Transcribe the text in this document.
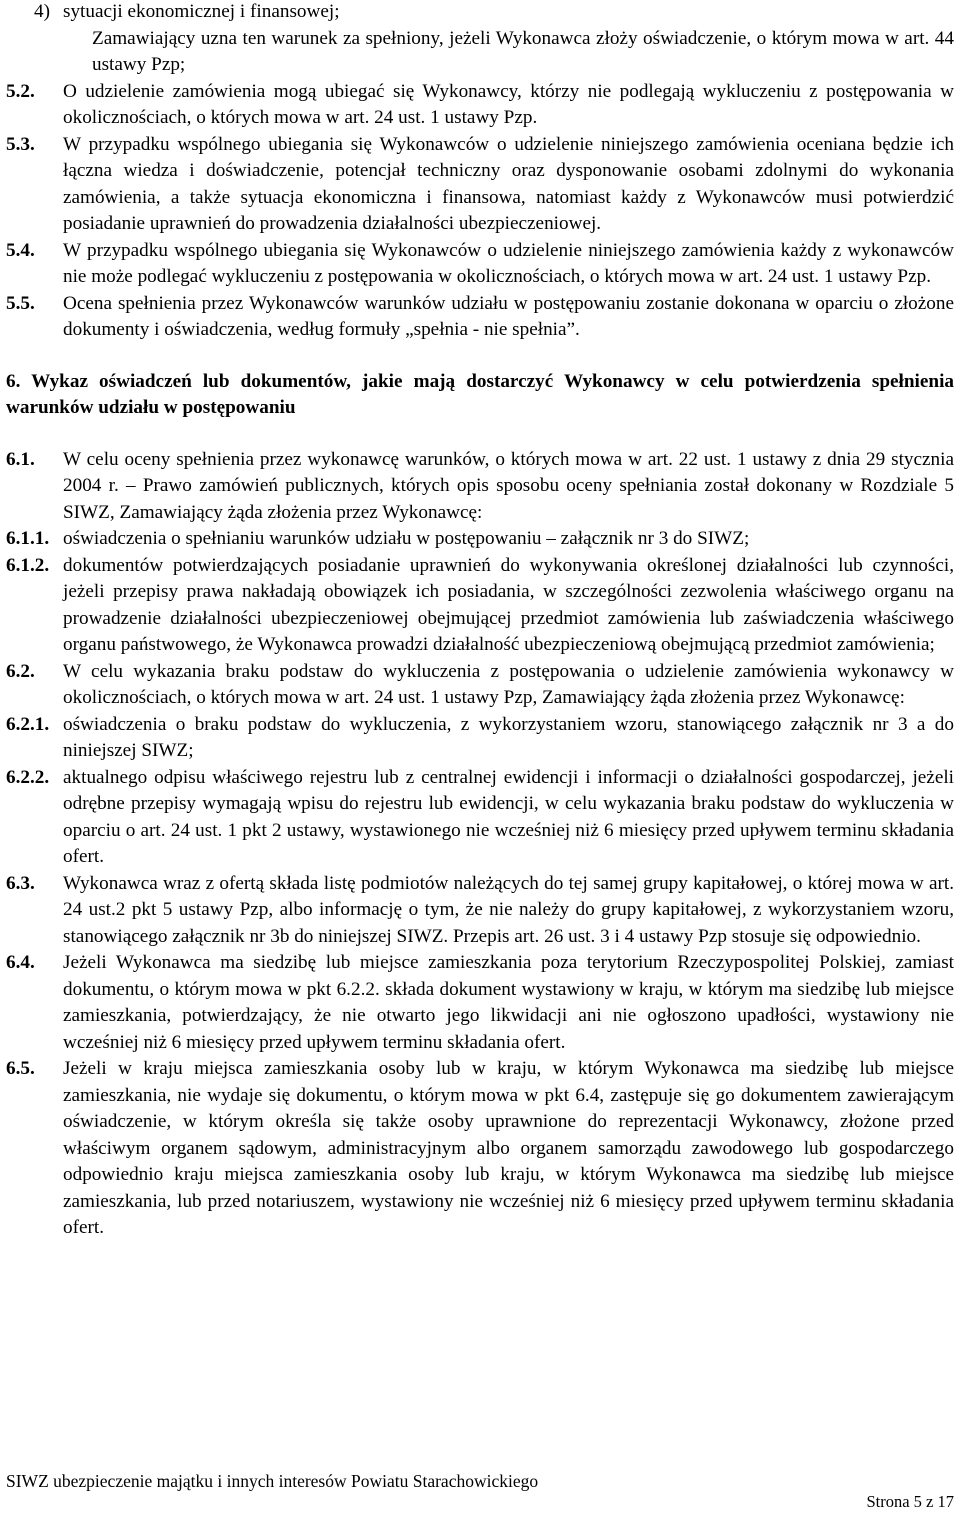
4) sytuacji ekonomicznej i finansowej;
Zamawiający uzna ten warunek za spełniony, jeżeli Wykonawca złoży oświadczenie, o którym mowa w art. 44 ustawy Pzp;
5.2.	O udzielenie zamówienia mogą ubiegać się Wykonawcy, którzy nie podlegają wykluczeniu z postępowania w okolicznościach, o których mowa w art. 24 ust. 1 ustawy Pzp.
5.3.	W przypadku wspólnego ubiegania się Wykonawców o udzielenie niniejszego zamówienia oceniana będzie ich łączna wiedza i doświadczenie, potencjał techniczny oraz dysponowanie osobami zdolnymi do wykonania zamówienia, a także sytuacja ekonomiczna i finansowa, natomiast każdy z Wykonawców musi potwierdzić posiadanie uprawnień do prowadzenia działalności ubezpieczeniowej.
5.4.	W przypadku wspólnego ubiegania się Wykonawców o udzielenie niniejszego zamówienia każdy z wykonawców nie może podlegać wykluczeniu z postępowania w okolicznościach, o których mowa w art. 24 ust. 1 ustawy Pzp.
5.5.	Ocena spełnienia przez Wykonawców warunków udziału w postępowaniu zostanie dokonana w oparciu o złożone dokumenty i oświadczenia, według formuły „spełnia - nie spełnia”.
6. Wykaz oświadczeń lub dokumentów, jakie mają dostarczyć Wykonawcy w celu potwierdzenia spełnienia warunków udziału w postępowaniu
6.1.	W celu oceny spełnienia przez wykonawcę warunków, o których mowa w art. 22 ust. 1 ustawy z dnia 29 stycznia 2004 r. – Prawo zamówień publicznych, których opis sposobu oceny spełniania został dokonany w Rozdziale 5 SIWZ, Zamawiający żąda złożenia przez Wykonawcę:
6.1.1. oświadczenia o spełnianiu warunków udziału w postępowaniu – załącznik nr 3 do SIWZ;
6.1.2. dokumentów potwierdzających posiadanie uprawnień do wykonywania określonej działalności lub czynności, jeżeli przepisy prawa nakładają obowiązek ich posiadania, w szczególności zezwolenia właściwego organu na prowadzenie działalności ubezpieczeniowej obejmującej przedmiot zamówienia lub zaświadczenia właściwego organu państwowego, że Wykonawca prowadzi działalność ubezpieczeniową obejmującą przedmiot zamówienia;
6.2.	W celu wykazania braku podstaw do wykluczenia z postępowania o udzielenie zamówienia wykonawcy w okolicznościach, o których mowa w art. 24 ust. 1 ustawy Pzp, Zamawiający żąda złożenia przez Wykonawcę:
6.2.1. oświadczenia o braku podstaw do wykluczenia, z wykorzystaniem wzoru, stanowiącego załącznik nr 3 a do niniejszej SIWZ;
6.2.2. aktualnego odpisu właściwego rejestru lub z centralnej ewidencji i informacji o działalności gospodarczej, jeżeli odrębne przepisy wymagają wpisu do rejestru lub ewidencji, w celu wykazania braku podstaw do wykluczenia w oparciu o art. 24 ust. 1 pkt 2 ustawy, wystawionego nie wcześniej niż 6 miesięcy przed upływem terminu składania ofert.
6.3.	Wykonawca wraz z ofertą składa listę podmiotów należących do tej samej grupy kapitałowej, o której mowa w art. 24 ust.2 pkt 5 ustawy Pzp, albo informację o tym, że nie należy do grupy kapitałowej, z wykorzystaniem wzoru, stanowiącego załącznik nr 3b do niniejszej SIWZ. Przepis art. 26 ust. 3 i 4 ustawy Pzp stosuje się odpowiednio.
6.4.	Jeżeli Wykonawca ma siedzibę lub miejsce zamieszkania poza terytorium Rzeczypospolitej Polskiej, zamiast dokumentu, o którym mowa w pkt 6.2.2. składa dokument wystawiony w kraju, w którym ma siedzibę lub miejsce zamieszkania, potwierdzający, że nie otwarto jego likwidacji ani nie ogłoszono upadłości, wystawiony nie wcześniej niż 6 miesięcy przed upływem terminu składania ofert.
6.5.	Jeżeli w kraju miejsca zamieszkania osoby lub w kraju, w którym Wykonawca ma siedzibę lub miejsce zamieszkania, nie wydaje się dokumentu, o którym mowa w pkt 6.4, zastępuje się go dokumentem zawierającym oświadczenie, w którym określa się także osoby uprawnione do reprezentacji Wykonawcy, złożone przed właściwym organem sądowym, administracyjnym albo organem samorządu zawodowego lub gospodarczego odpowiednio kraju miejsca zamieszkania osoby lub kraju, w którym Wykonawca ma siedzibę lub miejsce zamieszkania, lub przed notariuszem, wystawiony nie wcześniej niż 6 miesięcy przed upływem terminu składania ofert.
SIWZ ubezpieczenie majątku i innych interesów Powiatu Starachowickiego
Strona 5 z 17
